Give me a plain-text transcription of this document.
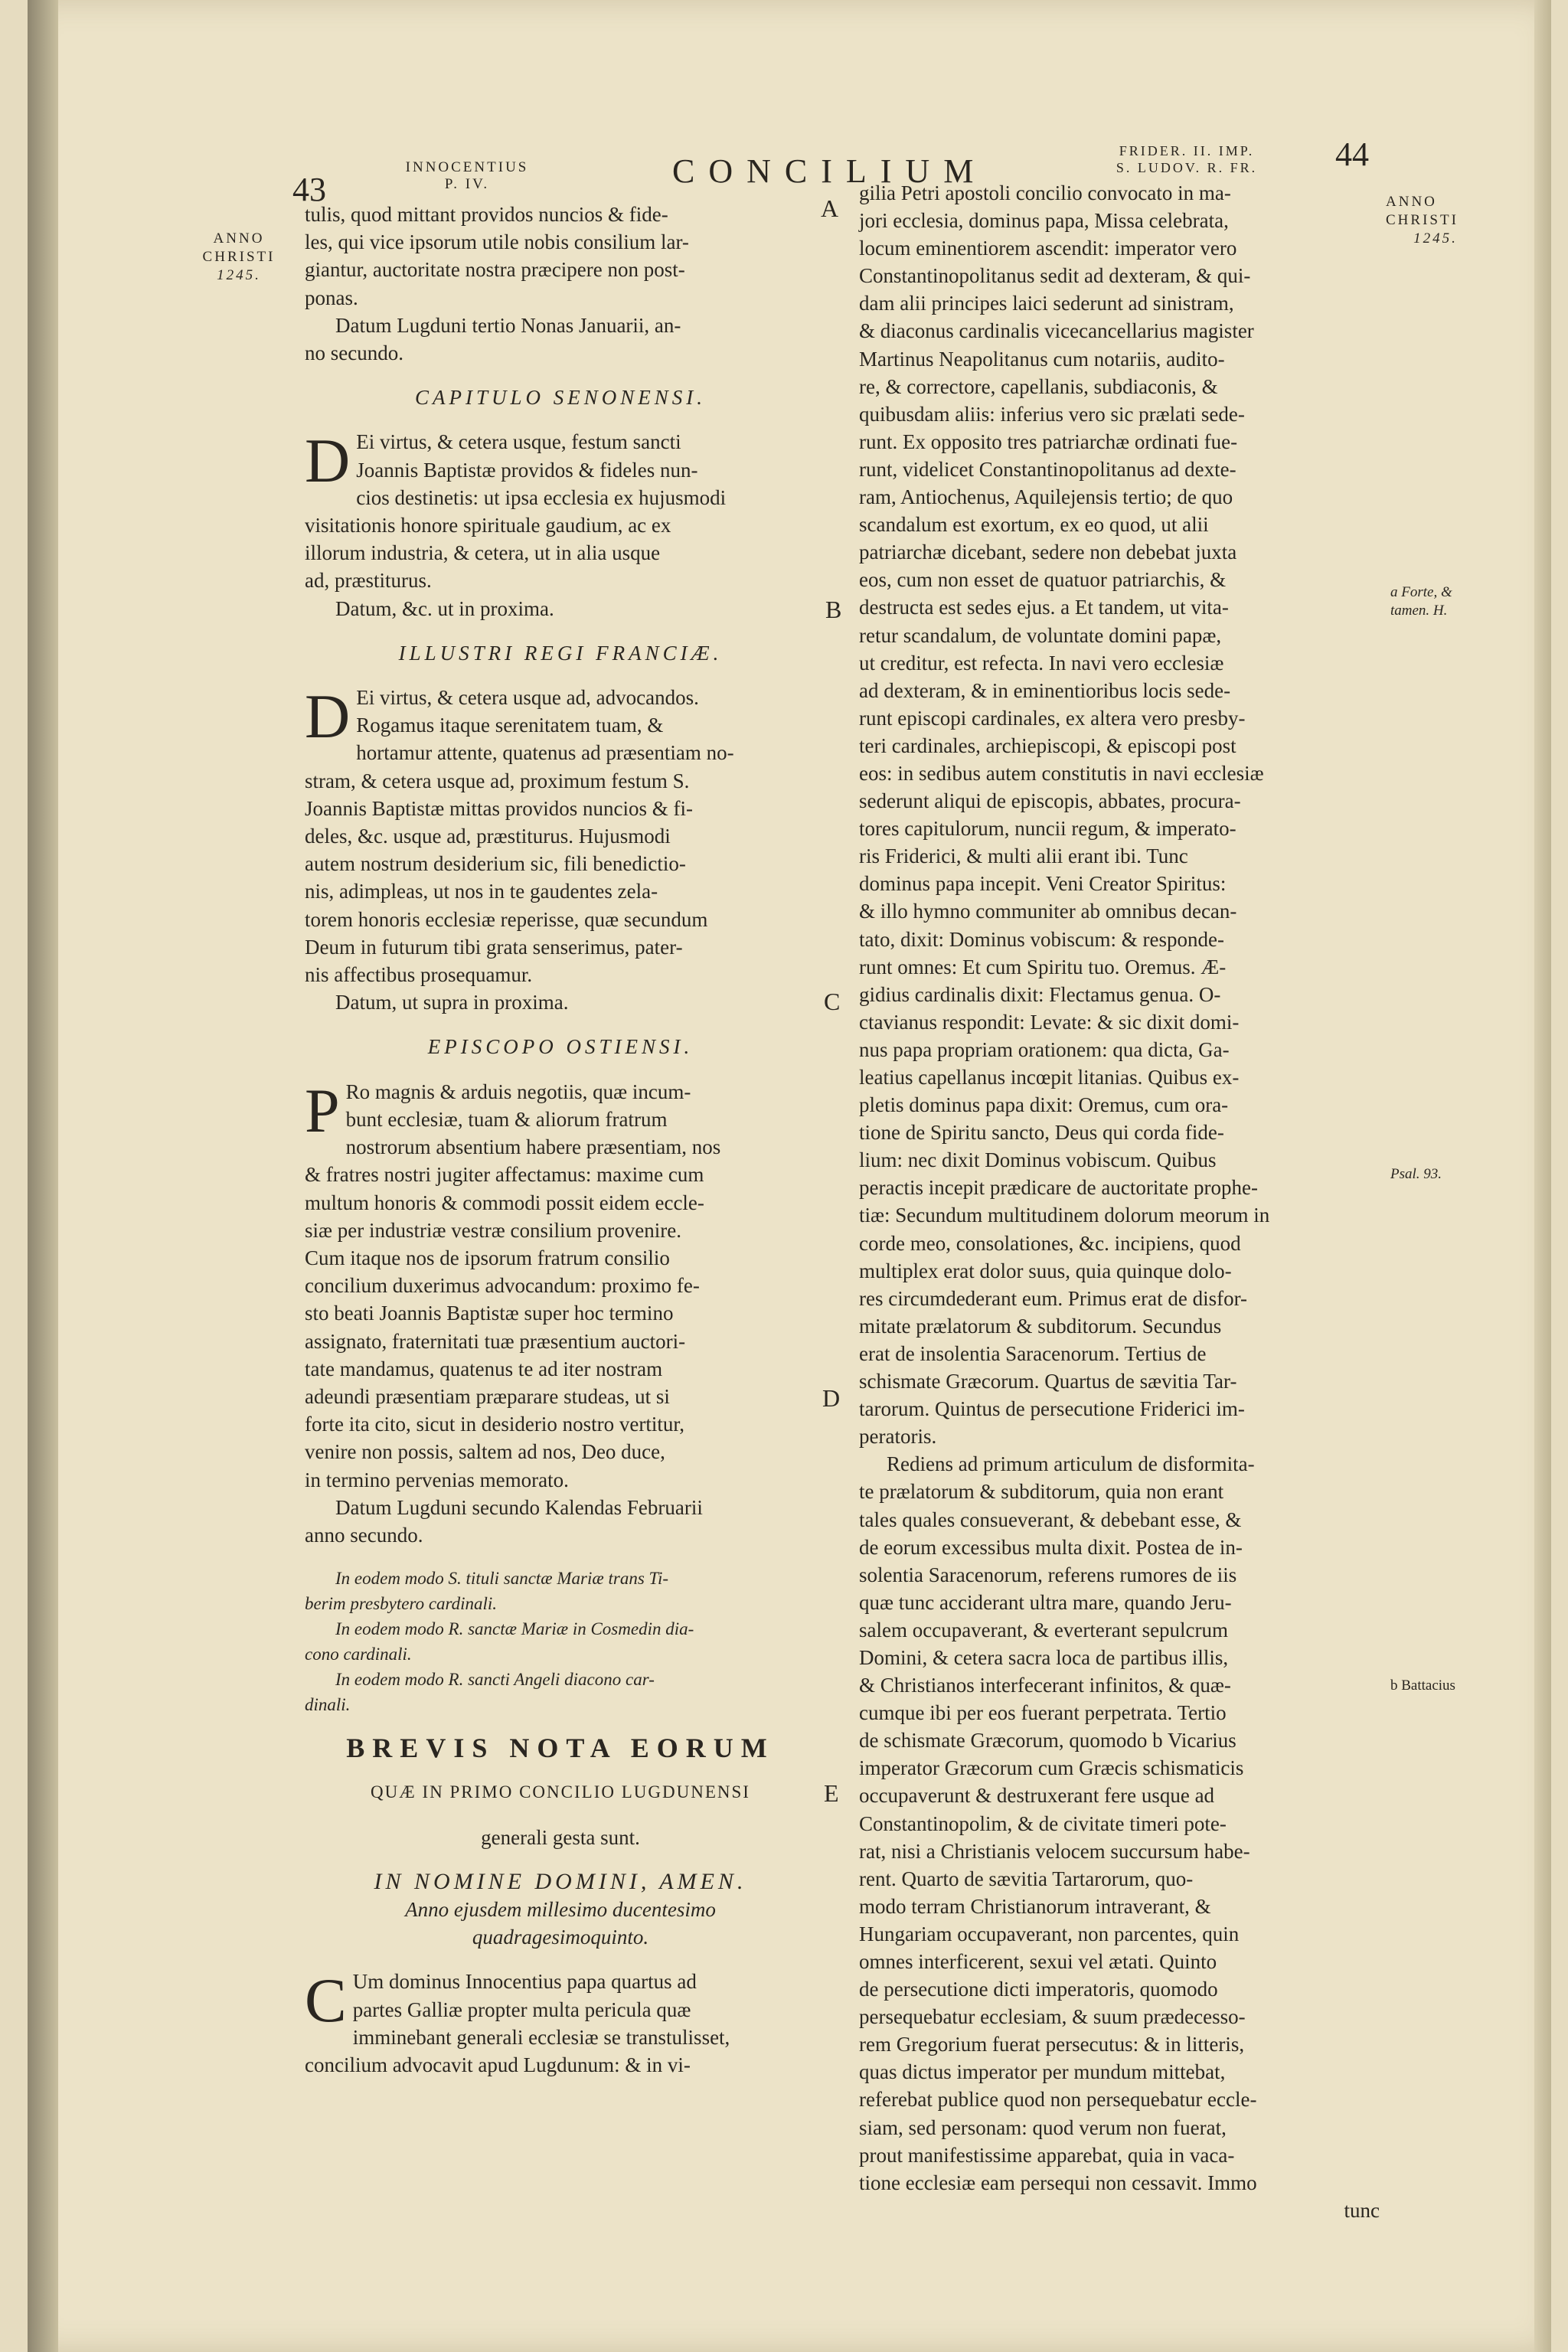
43
INNOCENTIUS
P. IV.	CONCILIUM
FRIDER. II. IMP.
S. LUDOV. R. FR.	44
ANNO
CHRISTI
1245.
ANNO
CHRISTI
1245.
a Forte, &
tamen. H.
Psal. 93.
b Battacius
A
B
C
D
E

tulis, quod mittant providos nuncios & fide-
les, qui vice ipsorum utile nobis consilium lar-
giantur, auctoritate nostra præcipere non post-
ponas.

Datum Lugduni tertio Nonas Januarii, an-
no secundo.

CAPITULO SENONENSI.

D Ei virtus, & cetera usque, festum sancti
Joannis Baptistæ providos & fideles nun-
cios destinetis: ut ipsa ecclesia ex hujusmodi
visitationis honore spirituale gaudium, ac ex
illorum industria, & cetera, ut in alia usque
ad, præstiturus.

Datum, &c. ut in proxima.

ILLUSTRI REGI FRANCIÆ.

D Ei virtus, & cetera usque ad, advocandos.
Rogamus itaque serenitatem tuam, &
hortamur attente, quatenus ad præsentiam no-
stram, & cetera usque ad, proximum festum S.
Joannis Baptistæ mittas providos nuncios & fi-
deles, &c. usque ad, præstiturus. Hujusmodi
autem nostrum desiderium sic, fili benedictio-
nis, adimpleas, ut nos in te gaudentes zela-
torem honoris ecclesiæ reperisse, quæ secundum
Deum in futurum tibi grata senserimus, pater-
nis affectibus prosequamur.

Datum, ut supra in proxima.

EPISCOPO OSTIENSI.

P Ro magnis & arduis negotiis, quæ incum-
bunt ecclesiæ, tuam & aliorum fratrum
nostrorum absentium habere præsentiam, nos
& fratres nostri jugiter affectamus: maxime cum
multum honoris & commodi possit eidem eccle-
siæ per industriæ vestræ consilium provenire.
Cum itaque nos de ipsorum fratrum consilio
concilium duxerimus advocandum: proximo fe-
sto beati Joannis Baptistæ super hoc termino
assignato, fraternitati tuæ præsentium auctori-
tate mandamus, quatenus te ad iter nostram
adeundi præsentiam præparare studeas, ut si
forte ita cito, sicut in desiderio nostro vertitur,
venire non possis, saltem ad nos, Deo duce,
in termino pervenias memorato.

Datum Lugduni secundo Kalendas Februarii
anno secundo.

In eodem modo S. tituli sanctæ Mariæ trans Ti-
berim presbytero cardinali.
In eodem modo R. sanctæ Mariæ in Cosmedin dia-
cono cardinali.
In eodem modo R. sancti Angeli diacono car-
dinali.

BREVIS NOTA EORUM

QUÆ IN PRIMO CONCILIO LUGDUNENSI

generali gesta sunt.

IN NOMINE DOMINI, AMEN.

Anno ejusdem millesimo ducentesimo
quadragesimoquinto.

C Um dominus Innocentius papa quartus ad
partes Galliæ propter multa pericula quæ
imminebant generali ecclesiæ se transtulisset,
concilium advocavit apud Lugdunum: & in vi-

gilia Petri apostoli concilio convocato in ma-
jori ecclesia, dominus papa, Missa celebrata,
locum eminentiorem ascendit: imperator vero
Constantinopolitanus sedit ad dexteram, & qui-
dam alii principes laici sederunt ad sinistram,
& diaconus cardinalis vicecancellarius magister
Martinus Neapolitanus cum notariis, audito-
re, & correctore, capellanis, subdiaconis, &
quibusdam aliis: inferius vero sic prælati sede-
runt. Ex opposito tres patriarchæ ordinati fue-
runt, videlicet Constantinopolitanus ad dexte-
ram, Antiochenus, Aquilejensis tertio; de quo
scandalum est exortum, ex eo quod, ut alii
patriarchæ dicebant, sedere non debebat juxta
eos, cum non esset de quatuor patriarchis, &
destructa est sedes ejus. a Et tandem, ut vita-
retur scandalum, de voluntate domini papæ,
ut creditur, est refecta. In navi vero ecclesiæ
ad dexteram, & in eminentioribus locis sede-
runt episcopi cardinales, ex altera vero presby-
teri cardinales, archiepiscopi, & episcopi post
eos: in sedibus autem constitutis in navi ecclesiæ
sederunt aliqui de episcopis, abbates, procura-
tores capitulorum, nuncii regum, & imperato-
ris Friderici, & multi alii erant ibi. Tunc
dominus papa incepit. Veni Creator Spiritus:
& illo hymno communiter ab omnibus decan-
tato, dixit: Dominus vobiscum: & responde-
runt omnes: Et cum Spiritu tuo. Oremus. Æ-
gidius cardinalis dixit: Flectamus genua. O-
ctavianus respondit: Levate: & sic dixit domi-
nus papa propriam orationem: qua dicta, Ga-
leatius capellanus incœpit litanias. Quibus ex-
pletis dominus papa dixit: Oremus, cum ora-
tione de Spiritu sancto, Deus qui corda fide-
lium: nec dixit Dominus vobiscum. Quibus
peractis incepit prædicare de auctoritate prophe-
tiæ: Secundum multitudinem dolorum meorum in
corde meo, consolationes, &c. incipiens, quod
multiplex erat dolor suus, quia quinque dolo-
res circumdederant eum. Primus erat de disfor-
mitate prælatorum & subditorum. Secundus
erat de insolentia Saracenorum. Tertius de
schismate Græcorum. Quartus de sævitia Tar-
tarorum. Quintus de persecutione Friderici im-
peratoris.

Rediens ad primum articulum de disformita-
te prælatorum & subditorum, quia non erant
tales quales consueverant, & debebant esse, &
de eorum excessibus multa dixit. Postea de in-
solentia Saracenorum, referens rumores de iis
quæ tunc acciderant ultra mare, quando Jeru-
salem occupaverant, & everterant sepulcrum
Domini, & cetera sacra loca de partibus illis,
& Christianos interfecerant infinitos, & quæ-
cumque ibi per eos fuerant perpetrata. Tertio
de schismate Græcorum, quomodo b Vicarius
imperator Græcorum cum Græcis schismaticis
occupaverunt & destruxerant fere usque ad
Constantinopolim, & de civitate timeri pote-
rat, nisi a Christianis velocem succursum habe-
rent. Quarto de sævitia Tartarorum, quo-
modo terram Christianorum intraverant, &
Hungariam occupaverant, non parcentes, quin
omnes interficerent, sexui vel ætati. Quinto
de persecutione dicti imperatoris, quomodo
persequebatur ecclesiam, & suum prædecesso-
rem Gregorium fuerat persecutus: & in litteris,
quas dictus imperator per mundum mittebat,
referebat publice quod non persequebatur eccle-
siam, sed personam: quod verum non fuerat,
prout manifestissime apparebat, quia in vaca-
tione ecclesiæ eam persequi non cessavit. Immo

tunc
